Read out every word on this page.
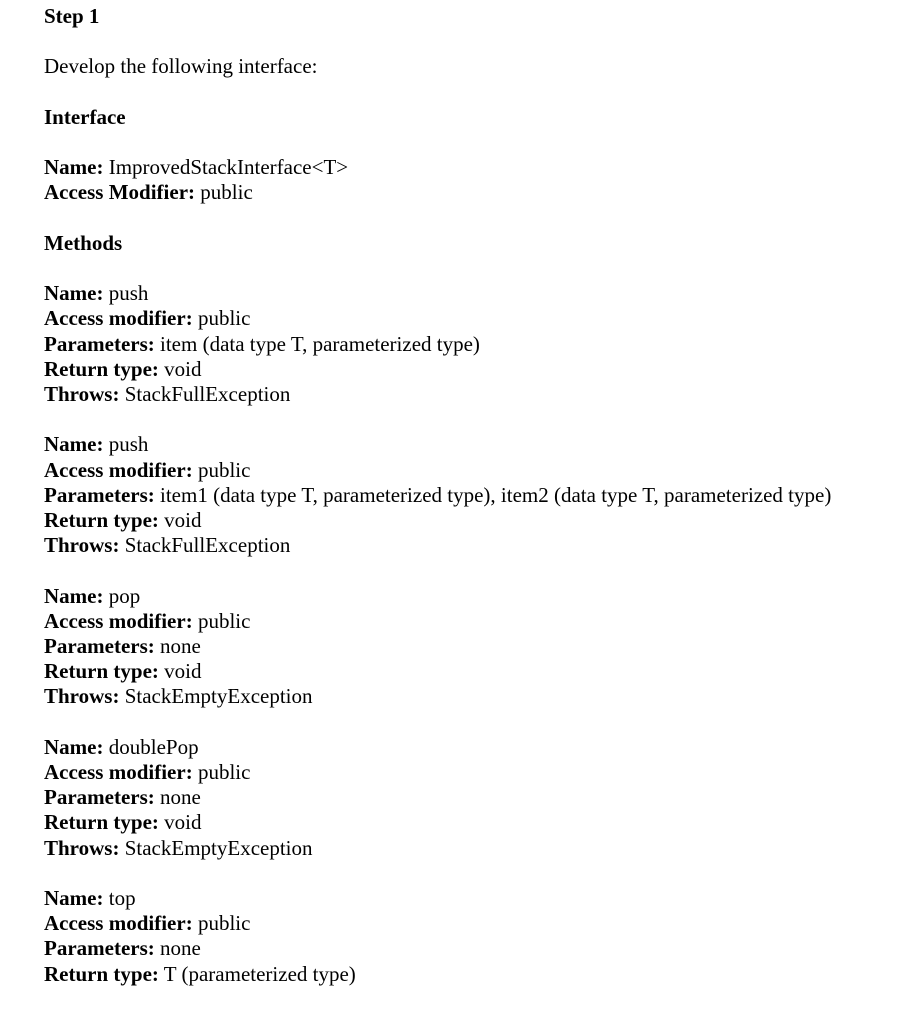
Step 1

Develop the following interface:

Interface

Name: ImprovedStackInterface<T>

Access Modifier: public

Methods

Name: push

Access modifier: public

Parameters: item (data type T, parameterized type)

Return type: void

Throws: StackFullException

Name: push

Access modifier: public

Parameters: item1 (data type T, parameterized type), item2 (data type T, parameterized type)

Return type: void

Throws: StackFullException

Name: pop

Access modifier: public

Parameters: none

Return type: void

Throws: StackEmptyException

Name: doublePop

Access modifier: public

Parameters: none

Return type: void

Throws: StackEmptyException

Name: top

Access modifier: public

Parameters: none

Return type: T (parameterized type)
